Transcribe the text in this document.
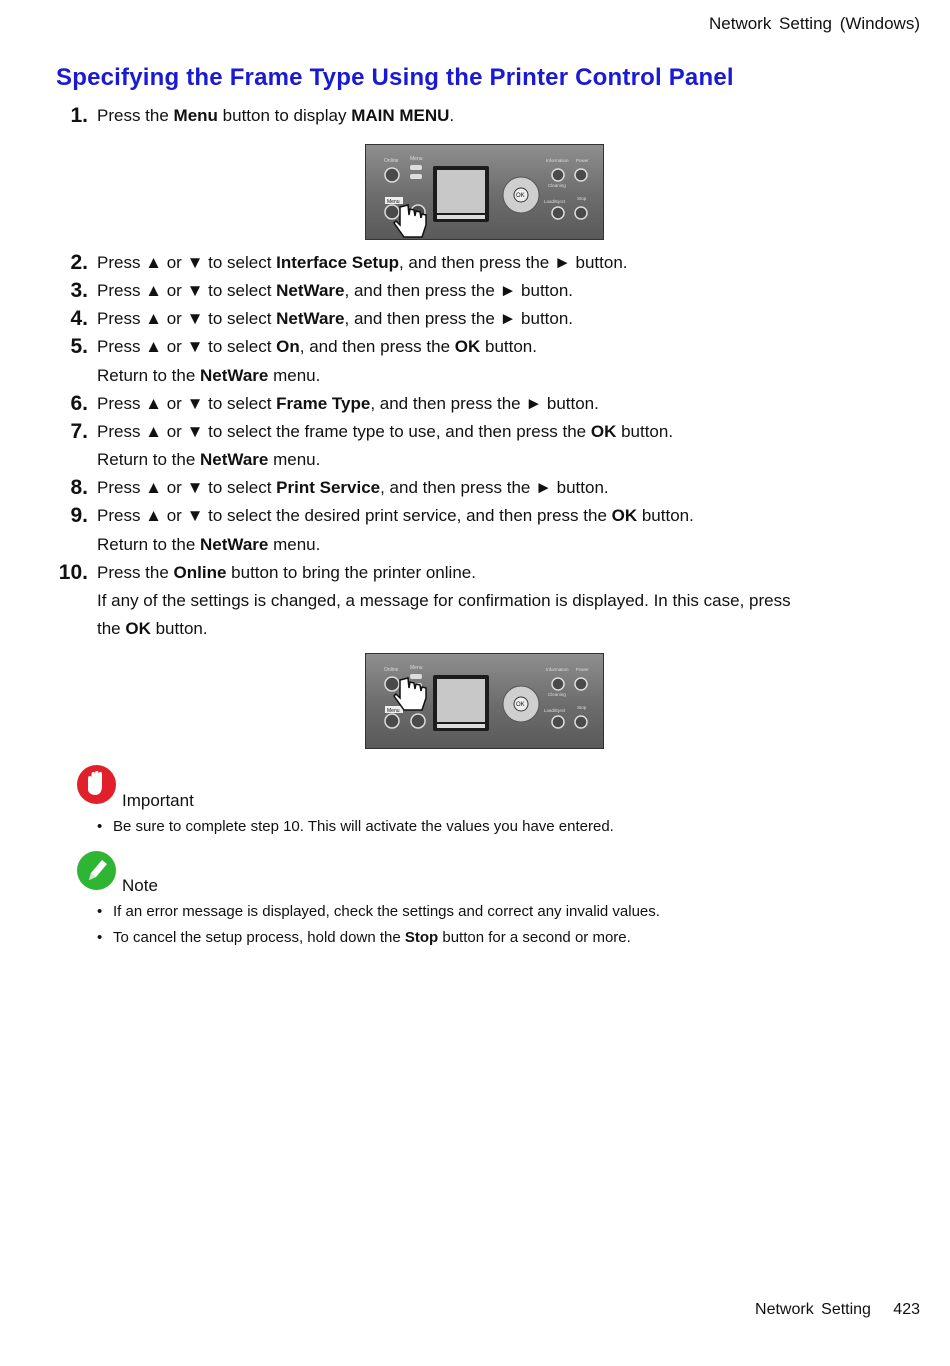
Network Setting (Windows)
Specifying the Frame Type Using the Printer Control Panel
1. Press the Menu button to display MAIN MENU.
Online Menu
Menu
OK
Information Power
Cleaning
Load/Eject
Stop
2. Press ▲ or ▼ to select Interface Setup, and then press the ► button.
3. Press ▲ or ▼ to select NetWare, and then press the ► button.
4. Press ▲ or ▼ to select NetWare, and then press the ► button.
5. Press ▲ or ▼ to select On, and then press the OK button.
Return to the NetWare menu.
6. Press ▲ or ▼ to select Frame Type, and then press the ► button.
7. Press ▲ or ▼ to select the frame type to use, and then press the OK button.
Return to the NetWare menu.
8. Press ▲ or ▼ to select Print Service, and then press the ► button.
9. Press ▲ or ▼ to select the desired print service, and then press the OK button.
Return to the NetWare menu.
10. Press the Online button to bring the printer online.
If any of the settings is changed, a message for confirmation is displayed. In this case, press
the OK button.
Online Menu
Menu
OK
Information Power
Cleaning
Load/Eject
Stop
Important
• Be sure to complete step 10. This will activate the values you have entered.
Note
• If an error message is displayed, check the settings and correct any invalid values.
• To cancel the setup process, hold down the Stop button for a second or more.
Network Setting 423
